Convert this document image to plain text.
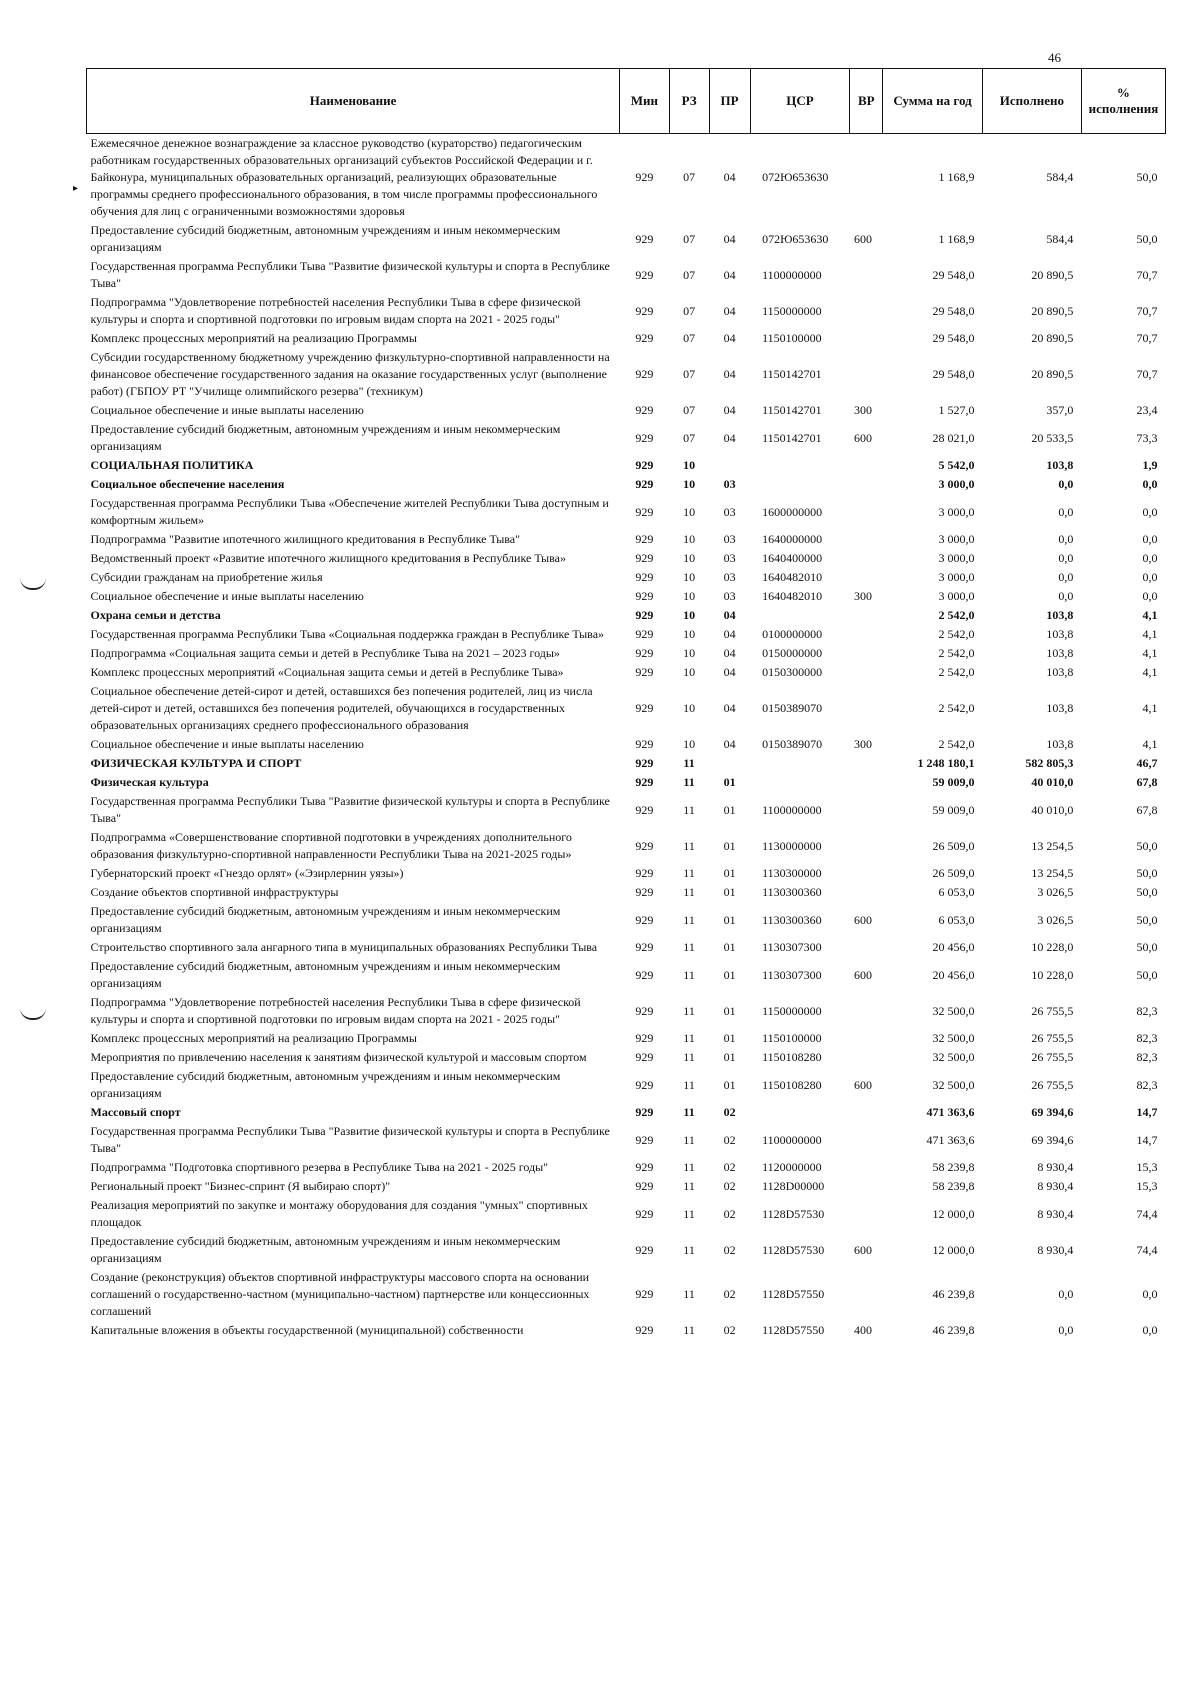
46
▸
Наименование	Мин	РЗ	ПР	ЦСР	ВР	Сумма на год	Исполнено	% исполнения
Ежемесячное денежное вознаграждение за классное руководство (кураторство) педагогическим работникам государственных образовательных организаций субъектов Российской Федерации и г. Байконура, муниципальных образовательных организаций, реализующих образовательные программы среднего профессионального образования, в том числе программы профессионального обучения для лиц с ограниченными возможностями здоровья	929	07	04	072Ю653630		1 168,9	584,4	50,0
Предоставление субсидий бюджетным, автономным учреждениям и иным некоммерческим организациям	929	07	04	072Ю653630	600	1 168,9	584,4	50,0
Государственная программа Республики Тыва "Развитие физической культуры и спорта в Республике Тыва"	929	07	04	1100000000		29 548,0	20 890,5	70,7
Подпрограмма "Удовлетворение потребностей населения Республики Тыва в сфере физической культуры и спорта и спортивной подготовки по игровым видам спорта на 2021 - 2025 годы"	929	07	04	1150000000		29 548,0	20 890,5	70,7
Комплекс процессных мероприятий на реализацию Программы	929	07	04	1150100000		29 548,0	20 890,5	70,7
Субсидии государственному бюджетному учреждению физкультурно-спортивной направленности на финансовое обеспечение государственного задания на оказание государственных услуг (выполнение работ) (ГБПОУ РТ "Училище олимпийского резерва" (техникум)	929	07	04	1150142701		29 548,0	20 890,5	70,7
Социальное обеспечение и иные выплаты населению	929	07	04	1150142701	300	1 527,0	357,0	23,4
Предоставление субсидий бюджетным, автономным учреждениям и иным некоммерческим организациям	929	07	04	1150142701	600	28 021,0	20 533,5	73,3
СОЦИАЛЬНАЯ ПОЛИТИКА	929	10				5 542,0	103,8	1,9
Социальное обеспечение населения	929	10	03			3 000,0	0,0	0,0
Государственная программа Республики Тыва «Обеспечение жителей Республики Тыва доступным и комфортным жильем»	929	10	03	1600000000		3 000,0	0,0	0,0
Подпрограмма "Развитие ипотечного жилищного кредитования в Республике Тыва"	929	10	03	1640000000		3 000,0	0,0	0,0
Ведомственный проект «Развитие ипотечного жилищного кредитования в Республике Тыва»	929	10	03	1640400000		3 000,0	0,0	0,0
Субсидии гражданам на приобретение жилья	929	10	03	1640482010		3 000,0	0,0	0,0
Социальное обеспечение и иные выплаты населению	929	10	03	1640482010	300	3 000,0	0,0	0,0
Охрана семьи и детства	929	10	04			2 542,0	103,8	4,1
Государственная программа Республики Тыва «Социальная поддержка граждан в Республике Тыва»	929	10	04	0100000000		2 542,0	103,8	4,1
Подпрограмма «Социальная защита семьи и детей в Республике Тыва на 2021 – 2023 годы»	929	10	04	0150000000		2 542,0	103,8	4,1
Комплекс процессных мероприятий «Социальная защита семьи и детей в Республике Тыва»	929	10	04	0150300000		2 542,0	103,8	4,1
Социальное обеспечение детей-сирот и детей, оставшихся без попечения родителей, лиц из числа детей-сирот и детей, оставшихся без попечения родителей, обучающихся в государственных образовательных организациях среднего профессионального образования	929	10	04	0150389070		2 542,0	103,8	4,1
Социальное обеспечение и иные выплаты населению	929	10	04	0150389070	300	2 542,0	103,8	4,1
ФИЗИЧЕСКАЯ КУЛЬТУРА И СПОРТ	929	11				1 248 180,1	582 805,3	46,7
Физическая культура	929	11	01			59 009,0	40 010,0	67,8
Государственная программа Республики Тыва "Развитие физической культуры и спорта в Республике Тыва"	929	11	01	1100000000		59 009,0	40 010,0	67,8
Подпрограмма «Совершенствование спортивной подготовки в учреждениях дополнительного образования физкультурно-спортивной направленности Республики Тыва на 2021-2025 годы»	929	11	01	1130000000		26 509,0	13 254,5	50,0
Губернаторский проект «Гнездо орлят» («Эзирлернин уязы»)	929	11	01	1130300000		26 509,0	13 254,5	50,0
Создание объектов спортивной инфраструктуры	929	11	01	1130300360		6 053,0	3 026,5	50,0
Предоставление субсидий бюджетным, автономным учреждениям и иным некоммерческим организациям	929	11	01	1130300360	600	6 053,0	3 026,5	50,0
Строительство спортивного зала ангарного типа в муниципальных образованиях Республики Тыва	929	11	01	1130307300		20 456,0	10 228,0	50,0
Предоставление субсидий бюджетным, автономным учреждениям и иным некоммерческим организациям	929	11	01	1130307300	600	20 456,0	10 228,0	50,0
Подпрограмма "Удовлетворение потребностей населения Республики Тыва в сфере физической культуры и спорта и спортивной подготовки по игровым видам спорта на 2021 - 2025 годы"	929	11	01	1150000000		32 500,0	26 755,5	82,3
Комплекс процессных мероприятий на реализацию Программы	929	11	01	1150100000		32 500,0	26 755,5	82,3
Мероприятия по привлечению населения к занятиям физической культурой и массовым спортом	929	11	01	1150108280		32 500,0	26 755,5	82,3
Предоставление субсидий бюджетным, автономным учреждениям и иным некоммерческим организациям	929	11	01	1150108280	600	32 500,0	26 755,5	82,3
Массовый спорт	929	11	02			471 363,6	69 394,6	14,7
Государственная программа Республики Тыва "Развитие физической культуры и спорта в Республике Тыва"	929	11	02	1100000000		471 363,6	69 394,6	14,7
Подпрограмма "Подготовка спортивного резерва в Республике Тыва на 2021 - 2025 годы"	929	11	02	1120000000		58 239,8	8 930,4	15,3
Региональный проект "Бизнес-спринт (Я выбираю спорт)"	929	11	02	1128D00000		58 239,8	8 930,4	15,3
Реализация мероприятий по закупке и монтажу оборудования для создания "умных" спортивных площадок	929	11	02	1128D57530		12 000,0	8 930,4	74,4
Предоставление субсидий бюджетным, автономным учреждениям и иным некоммерческим организациям	929	11	02	1128D57530	600	12 000,0	8 930,4	74,4
Создание (реконструкция) объектов спортивной инфраструктуры массового спорта на основании соглашений о государственно-частном (муниципально-частном) партнерстве или концессионных соглашений	929	11	02	1128D57550		46 239,8	0,0	0,0
Капитальные вложения в объекты государственной (муниципальной) собственности	929	11	02	1128D57550	400	46 239,8	0,0	0,0
